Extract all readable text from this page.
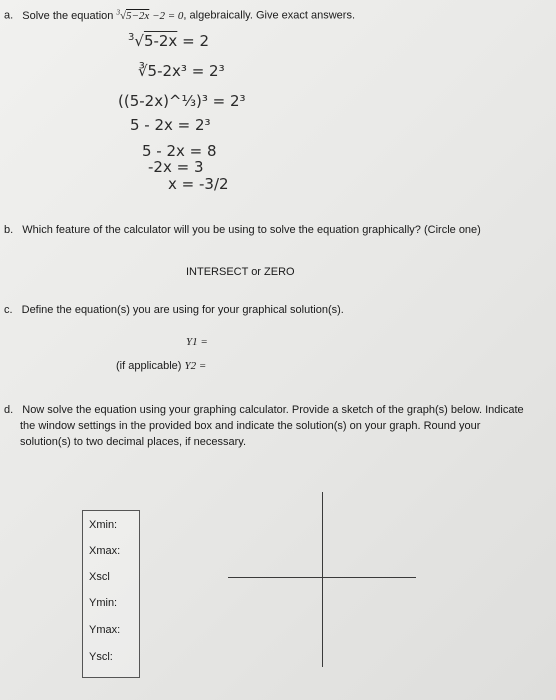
a. Solve the equation $^3$√5−2x −2 = 0, algebraically. Give exact answers.
$^3$√5-2x = 2
∛5-2x³ = 2³
((5-2x)^⅓)³ = 2³
5 - 2x = 2³
5 - 2x = 8
-2x = 3
x = -3/2
b. Which feature of the calculator will you be using to solve the equation graphically? (Circle one)
INTERSECT or ZERO
c. Define the equation(s) you are using for your graphical solution(s).
Y1 =
(if applicable) Y2 =
d. Now solve the equation using your graphing calculator. Provide a sketch of the graph(s) below. Indicate
the window settings in the provided box and indicate the solution(s) on your graph. Round your
solution(s) to two decimal places, if necessary.
Xmin:
Xmax:
Xscl
Ymin:
Ymax:
Yscl:
